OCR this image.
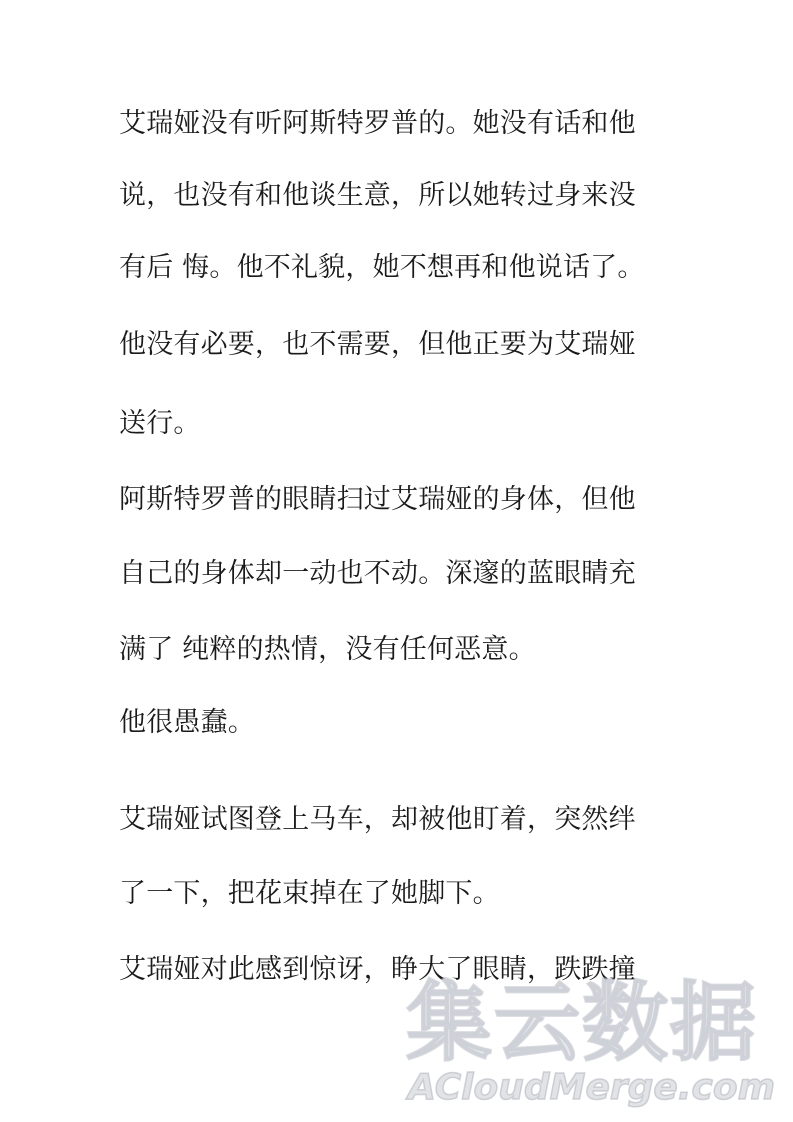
艾瑞娅没有听阿斯特罗普的。她没有话和他
说，也没有和他谈生意，所以她转过身来没
有后 悔。他不礼貌，她不想再和他说话了。
他没有必要，也不需要，但他正要为艾瑞娅
送行。
阿斯特罗普的眼睛扫过艾瑞娅的身体，但他
自己的身体却一动也不动。深邃的蓝眼睛充
满了 纯粹的热情，没有任何恶意。
他很愚蠢。
艾瑞娅试图登上马车，却被他盯着，突然绊
了一下，把花束掉在了她脚下。
艾瑞娅对此感到惊讶，睁大了眼睛，跌跌撞
集云数据
ACloudMerge.com
